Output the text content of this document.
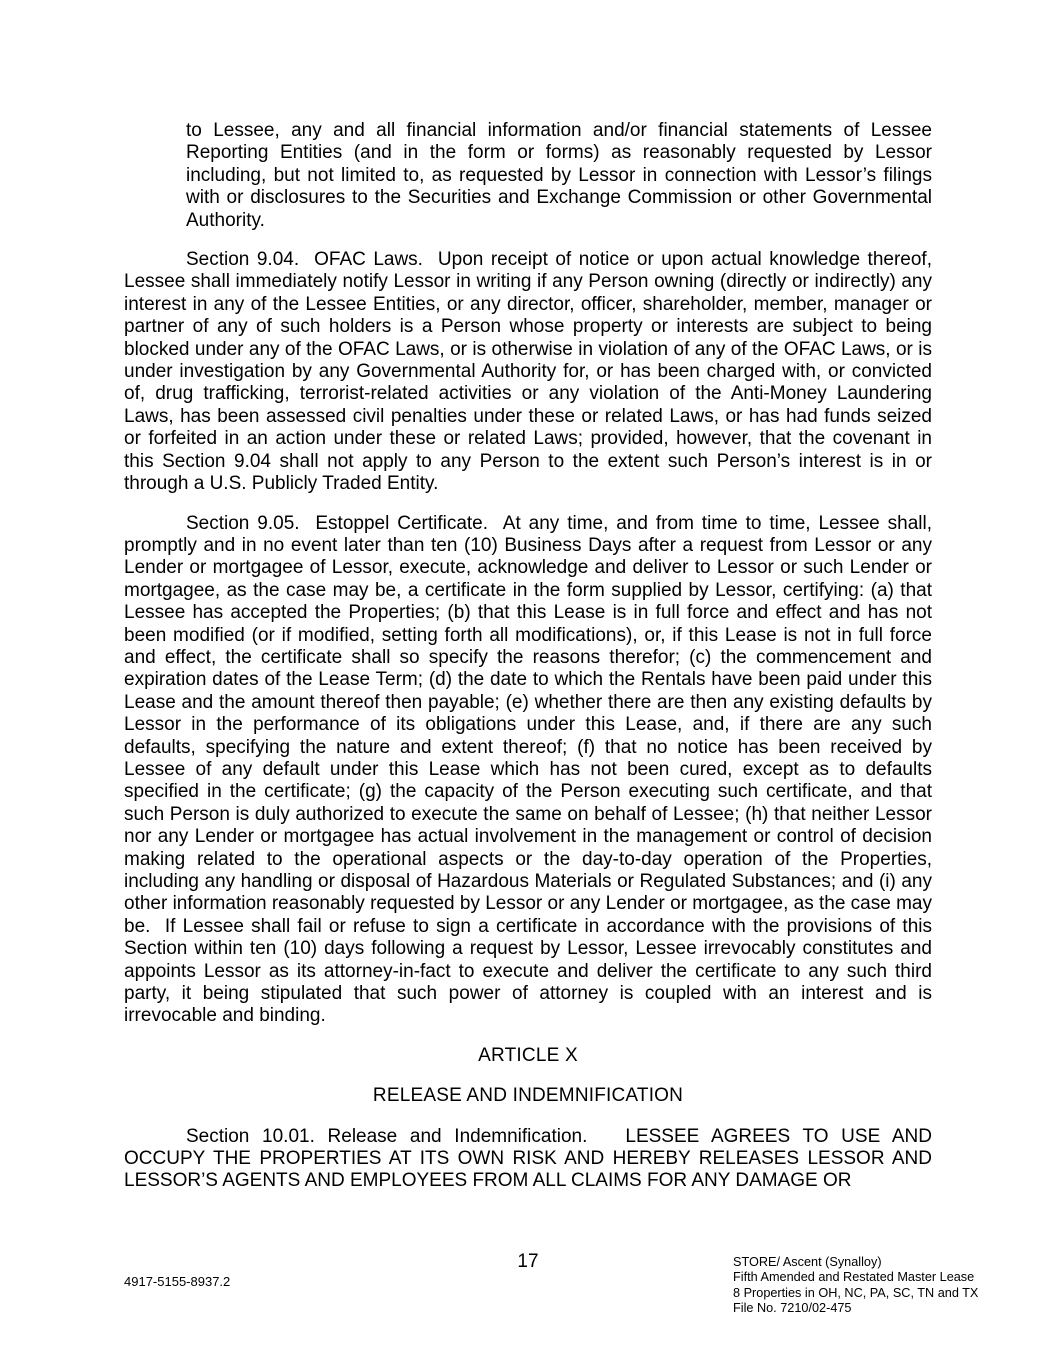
to Lessee, any and all financial information and/or financial statements of Lessee Reporting Entities (and in the form or forms) as reasonably requested by Lessor including, but not limited to, as requested by Lessor in connection with Lessor’s filings with or disclosures to the Securities and Exchange Commission or other Governmental Authority.

Section 9.04.  OFAC Laws.  Upon receipt of notice or upon actual knowledge thereof, Lessee shall immediately notify Lessor in writing if any Person owning (directly or indirectly) any interest in any of the Lessee Entities, or any director, officer, shareholder, member, manager or partner of any of such holders is a Person whose property or interests are subject to being blocked under any of the OFAC Laws, or is otherwise in violation of any of the OFAC Laws, or is under investigation by any Governmental Authority for, or has been charged with, or convicted of, drug trafficking, terrorist-related activities or any violation of the Anti-Money Laundering Laws, has been assessed civil penalties under these or related Laws, or has had funds seized or forfeited in an action under these or related Laws; provided, however, that the covenant in this Section 9.04 shall not apply to any Person to the extent such Person’s interest is in or through a U.S. Publicly Traded Entity.

Section 9.05.  Estoppel Certificate.  At any time, and from time to time, Lessee shall, promptly and in no event later than ten (10) Business Days after a request from Lessor or any Lender or mortgagee of Lessor, execute, acknowledge and deliver to Lessor or such Lender or mortgagee, as the case may be, a certificate in the form supplied by Lessor, certifying: (a) that Lessee has accepted the Properties; (b) that this Lease is in full force and effect and has not been modified (or if modified, setting forth all modifications), or, if this Lease is not in full force and effect, the certificate shall so specify the reasons therefor; (c) the commencement and expiration dates of the Lease Term; (d) the date to which the Rentals have been paid under this Lease and the amount thereof then payable; (e) whether there are then any existing defaults by Lessor in the performance of its obligations under this Lease, and, if there are any such defaults, specifying the nature and extent thereof; (f) that no notice has been received by Lessee of any default under this Lease which has not been cured, except as to defaults specified in the certificate; (g) the capacity of the Person executing such certificate, and that such Person is duly authorized to execute the same on behalf of Lessee; (h) that neither Lessor nor any Lender or mortgagee has actual involvement in the management or control of decision making related to the operational aspects or the day-to-day operation of the Properties, including any handling or disposal of Hazardous Materials or Regulated Substances; and (i) any other information reasonably requested by Lessor or any Lender or mortgagee, as the case may be.  If Lessee shall fail or refuse to sign a certificate in accordance with the provisions of this Section within ten (10) days following a request by Lessor, Lessee irrevocably constitutes and appoints Lessor as its attorney-in-fact to execute and deliver the certificate to any such third party, it being stipulated that such power of attorney is coupled with an interest and is irrevocable and binding.

ARTICLE X
RELEASE AND INDEMNIFICATION

Section 10.01. Release and Indemnification.   LESSEE AGREES TO USE AND OCCUPY THE PROPERTIES AT ITS OWN RISK AND HEREBY RELEASES LESSOR AND LESSOR’S AGENTS AND EMPLOYEES FROM ALL CLAIMS FOR ANY DAMAGE OR

17
4917-5155-8937.2
STORE/ Ascent (Synalloy)
Fifth Amended and Restated Master Lease
8 Properties in OH, NC, PA, SC, TN and TX
File No. 7210/02-475
